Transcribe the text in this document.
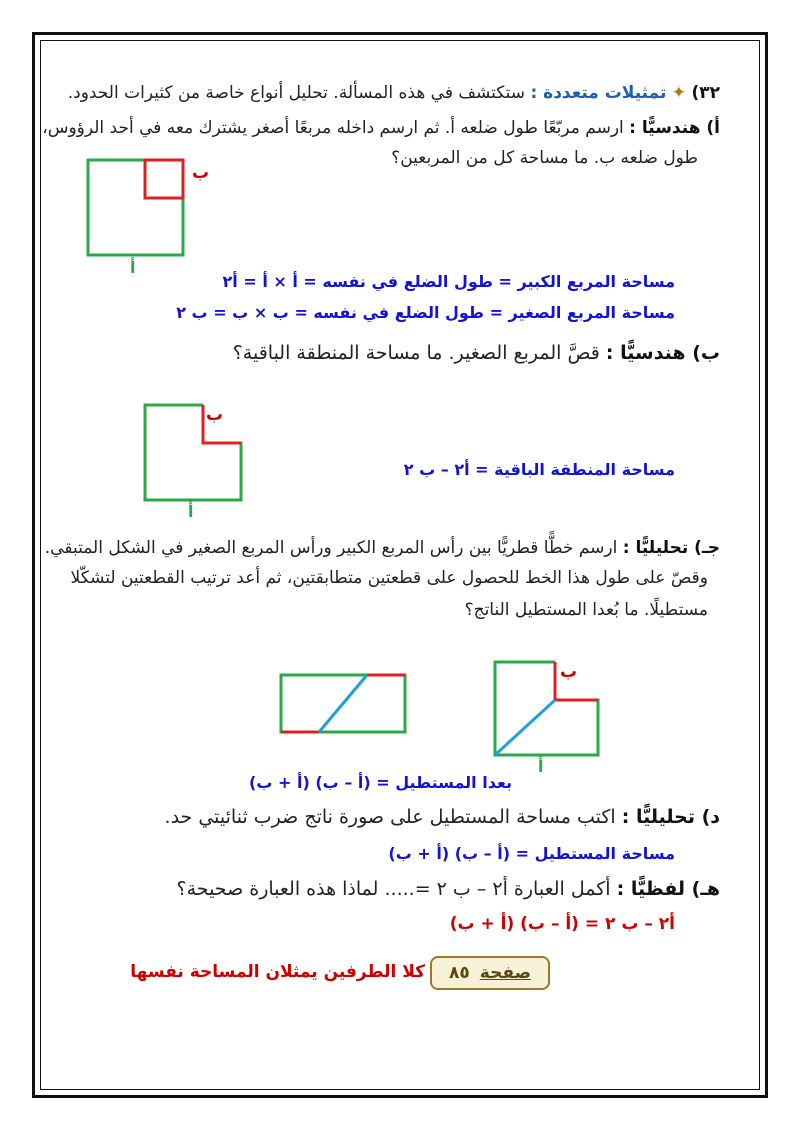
٣٢) ✦ تمثيلات متعددة : ستكتشف في هذه المسألة. تحليل أنواع خاصة من كثيرات الحدود.
أ) هندسيًّا : ارسم مربّعًا طول ضلعه أ. ثم ارسم داخله مربعًا أصغر يشترك معه في أحد الرؤوس،
طول ضلعه ب. ما مساحة كل من المربعين؟
ب
أ
مساحة المربع الكبير = طول الضلع في نفسه = أ × أ = أ٢
مساحة المربع الصغير = طول الضلع في نفسه = ب × ب = ب ٢
ب) هندسيًّا : قصَّ المربع الصغير. ما مساحة المنطقة الباقية؟
ب
أ
مساحة المنطقة الباقية = أ٢ – ب ٢
جـ) تحليليًّا : ارسم خطًّا قطريًّا بين رأس المربع الكبير ورأس المربع الصغير في الشكل المتبقي.
وقصّ على طول هذا الخط للحصول على قطعتين متطابقتين، ثم أعد ترتيب القطعتين لتشكّلا
مستطيلًا. ما بُعدا المستطيل الناتج؟
ب
أ
بعدا المستطيل = (أ – ب) (أ + ب)
د) تحليليًّا : اكتب مساحة المستطيل على صورة ناتج ضرب ثنائيتي حد.
مساحة المستطيل = (أ – ب) (أ + ب)
هـ) لفظيًّا : أكمل العبارة أ٢ – ب ٢ =..... لماذا هذه العبارة صحيحة؟
أ٢ – ب ٢ = (أ – ب) (أ + ب)
صفحة
٨٥
كلا الطرفين يمثلان المساحة نفسها
